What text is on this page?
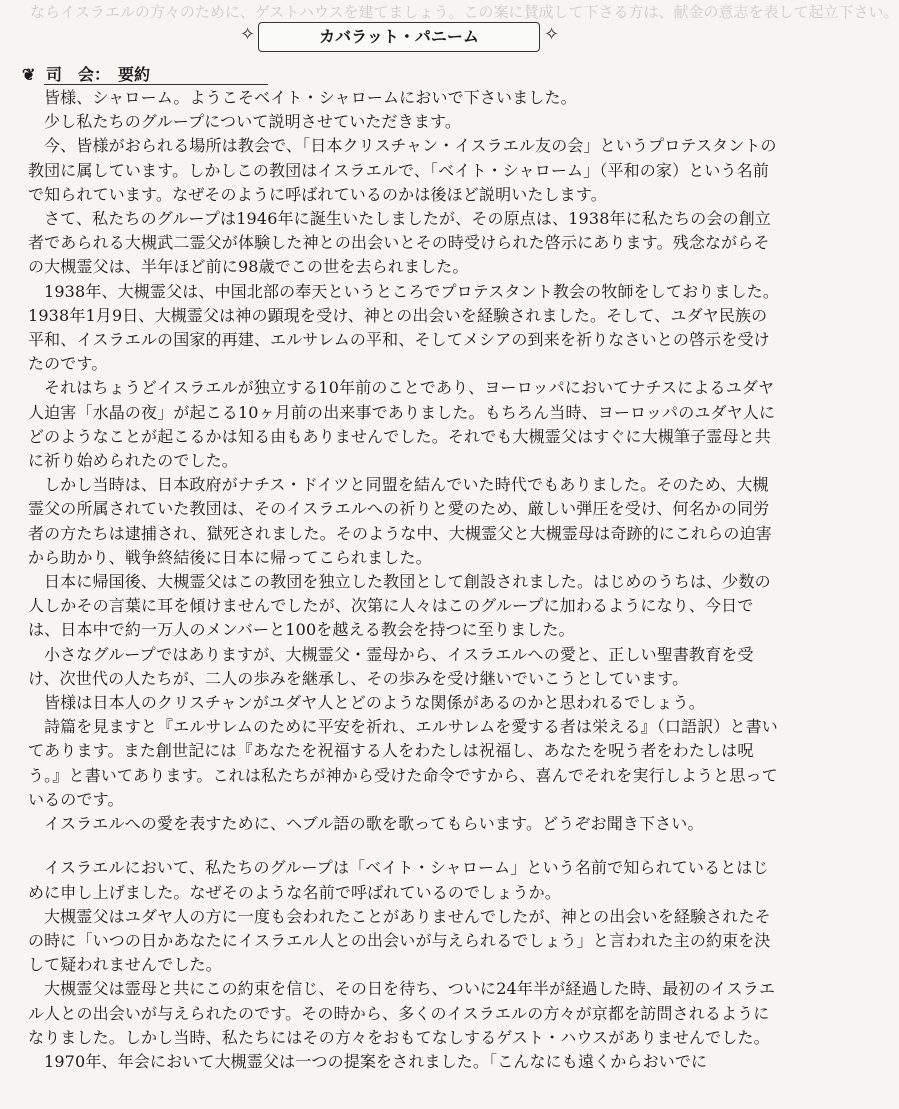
ならイスラエルの方々のために、ゲストハウスを建てましょう。この案に賛成して下さる方は、献金の意志を表して起立下さい。
✧	カバラット・パニーム	✧
❦ 司　会：　要約

皆様、シャローム。ようこそベイト・シャロームにおいで下さいました。

少し私たちのグループについて説明させていただきます。

今、皆様がおられる場所は教会で、「日本クリスチャン・イスラエル友の会」というプロテスタントの教団に属しています。しかしこの教団はイスラエルで、「ベイト・シャローム」（平和の家）という名前で知られています。なぜそのように呼ばれているのかは後ほど説明いたします。

さて、私たちのグループは1946年に誕生いたしましたが、その原点は、1938年に私たちの会の創立者であられる大槻武二霊父が体験した神との出会いとその時受けられた啓示にあります。残念ながらその大槻霊父は、半年ほど前に98歳でこの世を去られました。

1938年、大槻霊父は、中国北部の奉天というところでプロテスタント教会の牧師をしておりました。1938年1月9日、大槻霊父は神の顕現を受け、神との出会いを経験されました。そして、ユダヤ民族の平和、イスラエルの国家的再建、エルサレムの平和、そしてメシアの到来を祈りなさいとの啓示を受けたのです。

それはちょうどイスラエルが独立する10年前のことであり、ヨーロッパにおいてナチスによるユダヤ人迫害「水晶の夜」が起こる10ヶ月前の出来事でありました。もちろん当時、ヨーロッパのユダヤ人にどのようなことが起こるかは知る由もありませんでした。それでも大槻霊父はすぐに大槻筆子霊母と共に祈り始められたのでした。

しかし当時は、日本政府がナチス・ドイツと同盟を結んでいた時代でもありました。そのため、大槻霊父の所属されていた教団は、そのイスラエルへの祈りと愛のため、厳しい弾圧を受け、何名かの同労者の方たちは逮捕され、獄死されました。そのような中、大槻霊父と大槻霊母は奇跡的にこれらの迫害から助かり、戦争終結後に日本に帰ってこられました。

日本に帰国後、大槻霊父はこの教団を独立した教団として創設されました。はじめのうちは、少数の人しかその言葉に耳を傾けませんでしたが、次第に人々はこのグループに加わるようになり、今日では、日本中で約一万人のメンバーと100を越える教会を持つに至りました。

小さなグループではありますが、大槻霊父・霊母から、イスラエルへの愛と、正しい聖書教育を受け、次世代の人たちが、二人の歩みを継承し、その歩みを受け継いでいこうとしています。

皆様は日本人のクリスチャンがユダヤ人とどのような関係があるのかと思われるでしょう。

詩篇を見ますと『エルサレムのために平安を祈れ、エルサレムを愛する者は栄える』（口語訳）と書いてあります。また創世記には『あなたを祝福する人をわたしは祝福し、あなたを呪う者をわたしは呪う。』と書いてあります。これは私たちが神から受けた命令ですから、喜んでそれを実行しようと思っているのです。

イスラエルへの愛を表すために、ヘブル語の歌を歌ってもらいます。どうぞお聞き下さい。

イスラエルにおいて、私たちのグループは「ベイト・シャローム」という名前で知られているとはじめに申し上げました。なぜそのような名前で呼ばれているのでしょうか。

大槻霊父はユダヤ人の方に一度も会われたことがありませんでしたが、神との出会いを経験されたその時に「いつの日かあなたにイスラエル人との出会いが与えられるでしょう」と言われた主の約束を決して疑われませんでした。

大槻霊父は霊母と共にこの約束を信じ、その日を待ち、ついに24年半が経過した時、最初のイスラエル人との出会いが与えられたのです。その時から、多くのイスラエルの方々が京都を訪問されるようになりました。しかし当時、私たちにはその方々をおもてなしするゲスト・ハウスがありませんでした。

1970年、年会において大槻霊父は一つの提案をされました。「こんなにも遠くからおいでに
